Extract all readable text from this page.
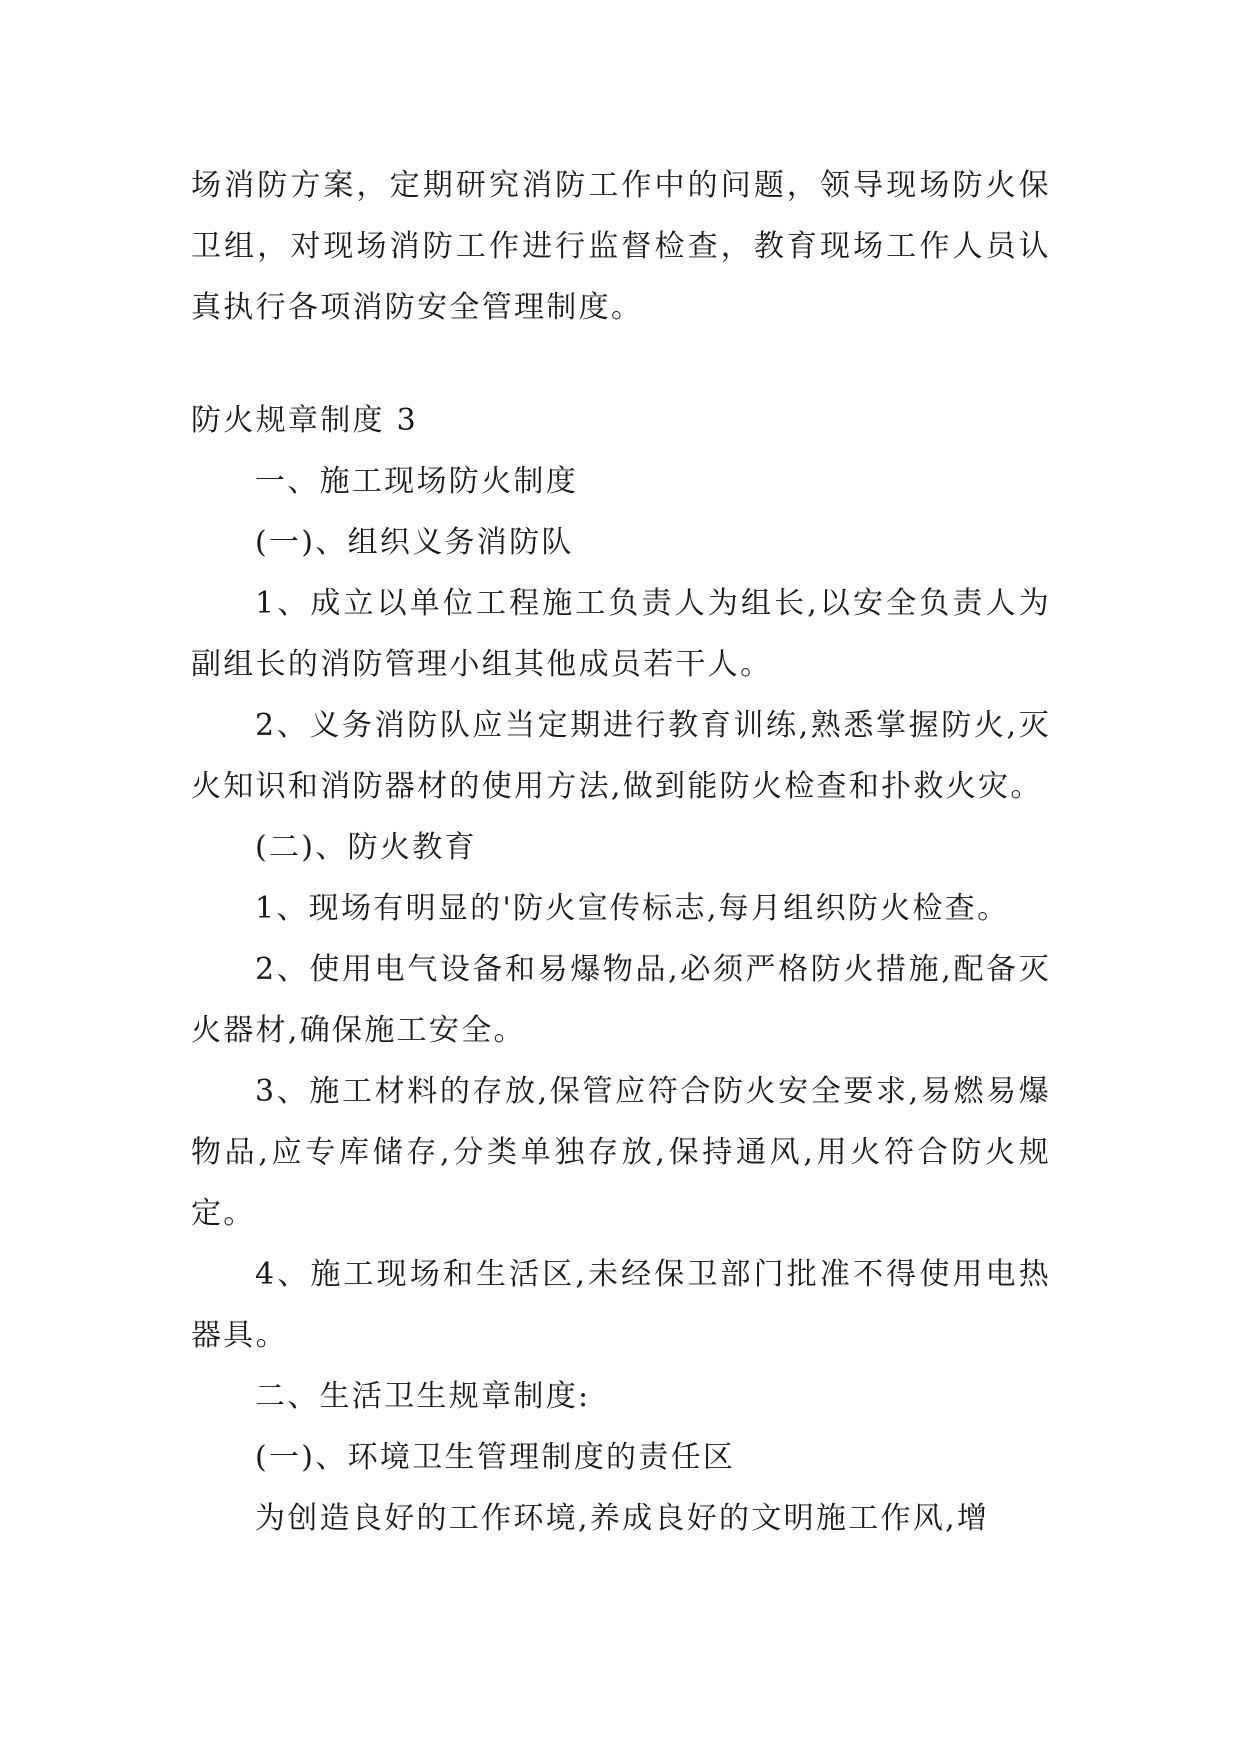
场消防方案，定期研究消防工作中的问题，领导现场防火保卫组，对现场消防工作进行监督检查，教育现场工作人员认真执行各项消防安全管理制度。

防火规章制度 3

一、施工现场防火制度

(一)、组织义务消防队

1、成立以单位工程施工负责人为组长,以安全负责人为副组长的消防管理小组其他成员若干人。

2、义务消防队应当定期进行教育训练,熟悉掌握防火,灭火知识和消防器材的使用方法,做到能防火检查和扑救火灾。

(二)、防火教育

1、现场有明显的'防火宣传标志,每月组织防火检查。

2、使用电气设备和易爆物品,必须严格防火措施,配备灭火器材,确保施工安全。

3、施工材料的存放,保管应符合防火安全要求,易燃易爆物品,应专库储存,分类单独存放,保持通风,用火符合防火规定。

4、施工现场和生活区,未经保卫部门批准不得使用电热器具。

二、生活卫生规章制度:

(一)、环境卫生管理制度的责任区

为创造良好的工作环境,养成良好的文明施工作风,增
